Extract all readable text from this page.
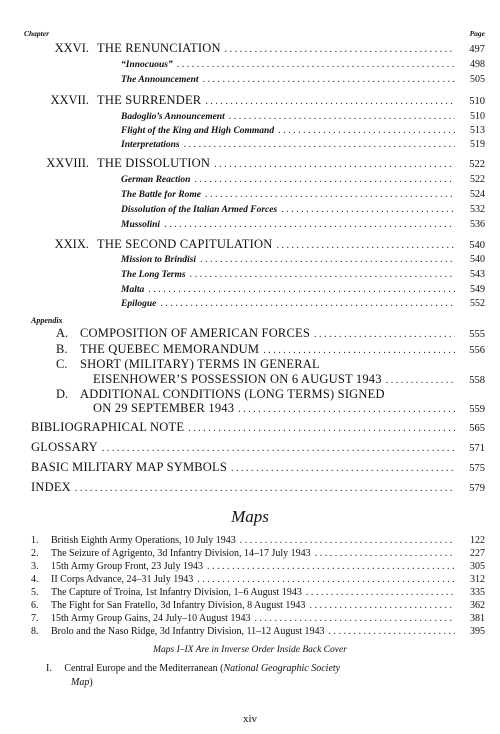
Chapter	Page
XXVI. THE RENUNCIATION . . .	497
“Innocuous” . . .	498
The Announcement . . .	505
XXVII. THE SURRENDER . . .	510
Badoglio’s Announcement . . .	510
Flight of the King and High Command . . .	513
Interpretations . . .	519
XXVIII. THE DISSOLUTION . . .	522
German Reaction . . .	522
The Battle for Rome . . .	524
Dissolution of the Italian Armed Forces . . .	532
Mussolini . . .	536
XXIX. THE SECOND CAPITULATION . . .	540
Mission to Brindisi . . .	540
The Long Terms . . .	543
Malta . . .	549
Epilogue . . .	552
Appendix
A. COMPOSITION OF AMERICAN FORCES . . .	555
B.	THE QUEBEC MEMORANDUM . . .	556
C.	SHORT (MILITARY) TERMS IN GENERAL
EISENHOWER’S POSSESSION ON 6 AUGUST 1943 . . .	558
D. ADDITIONAL CONDITIONS (LONG TERMS) SIGNED
ON 29 SEPTEMBER 1943 . . .	559
BIBLIOGRAPHICAL NOTE . . .	565
GLOSSARY . . .	571
BASIC MILITARY MAP SYMBOLS . . .	575
INDEX . . .	579
Maps
1.	British Eighth Army Operations, 10 July 1943 . . .	122
2.	The Seizure of Agrigento, 3d Infantry Division, 14–17 July 1943 . . .	227
3.	15th Army Group Front, 23 July 1943 . . .	305
4.	II Corps Advance, 24–31 July 1943 . . .	312
5.	The Capture of Troina, 1st Infantry Division, 1–6 August 1943 . . .	335
6.	The Fight for San Fratello, 3d Infantry Division, 8 August 1943 . . .	362
7.	15th Army Group Gains, 24 July–10 August 1943 . . .	381
8.	Brolo and the Naso Ridge, 3d Infantry Division, 11–12 August 1943 . . .	395
Maps I–IX Are in Inverse Order Inside Back Cover
I. Central Europe and the Mediterranean (National Geographic Society
Map)
xiv
